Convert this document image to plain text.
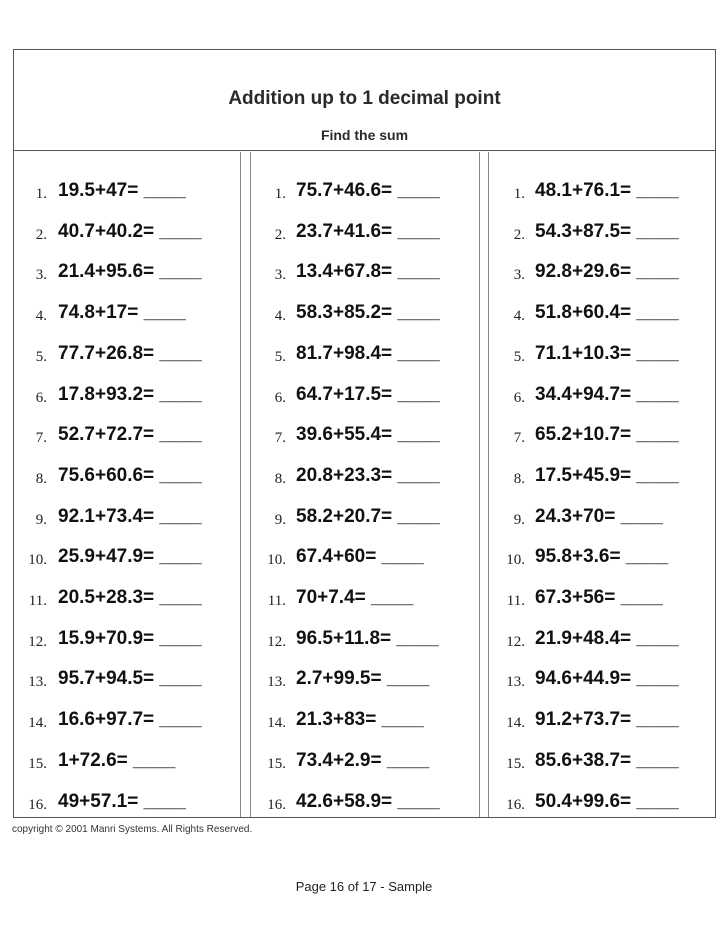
Addition up to 1 decimal point
Find the sum
1. 19.5+47= ____
2. 40.7+40.2= ____
3. 21.4+95.6= ____
4. 74.8+17= ____
5. 77.7+26.8= ____
6. 17.8+93.2= ____
7. 52.7+72.7= ____
8. 75.6+60.6= ____
9. 92.1+73.4= ____
10. 25.9+47.9= ____
11. 20.5+28.3= ____
12. 15.9+70.9= ____
13. 95.7+94.5= ____
14. 16.6+97.7= ____
15. 1+72.6= ____
16. 49+57.1= ____
1. 75.7+46.6= ____
2. 23.7+41.6= ____
3. 13.4+67.8= ____
4. 58.3+85.2= ____
5. 81.7+98.4= ____
6. 64.7+17.5= ____
7. 39.6+55.4= ____
8. 20.8+23.3= ____
9. 58.2+20.7= ____
10. 67.4+60= ____
11. 70+7.4= ____
12. 96.5+11.8= ____
13. 2.7+99.5= ____
14. 21.3+83= ____
15. 73.4+2.9= ____
16. 42.6+58.9= ____
1. 48.1+76.1= ____
2. 54.3+87.5= ____
3. 92.8+29.6= ____
4. 51.8+60.4= ____
5. 71.1+10.3= ____
6. 34.4+94.7= ____
7. 65.2+10.7= ____
8. 17.5+45.9= ____
9. 24.3+70= ____
10. 95.8+3.6= ____
11. 67.3+56= ____
12. 21.9+48.4= ____
13. 94.6+44.9= ____
14. 91.2+73.7= ____
15. 85.6+38.7= ____
16. 50.4+99.6= ____
copyright © 2001 Manri Systems. All Rights Reserved.
Page 16 of 17 - Sample
